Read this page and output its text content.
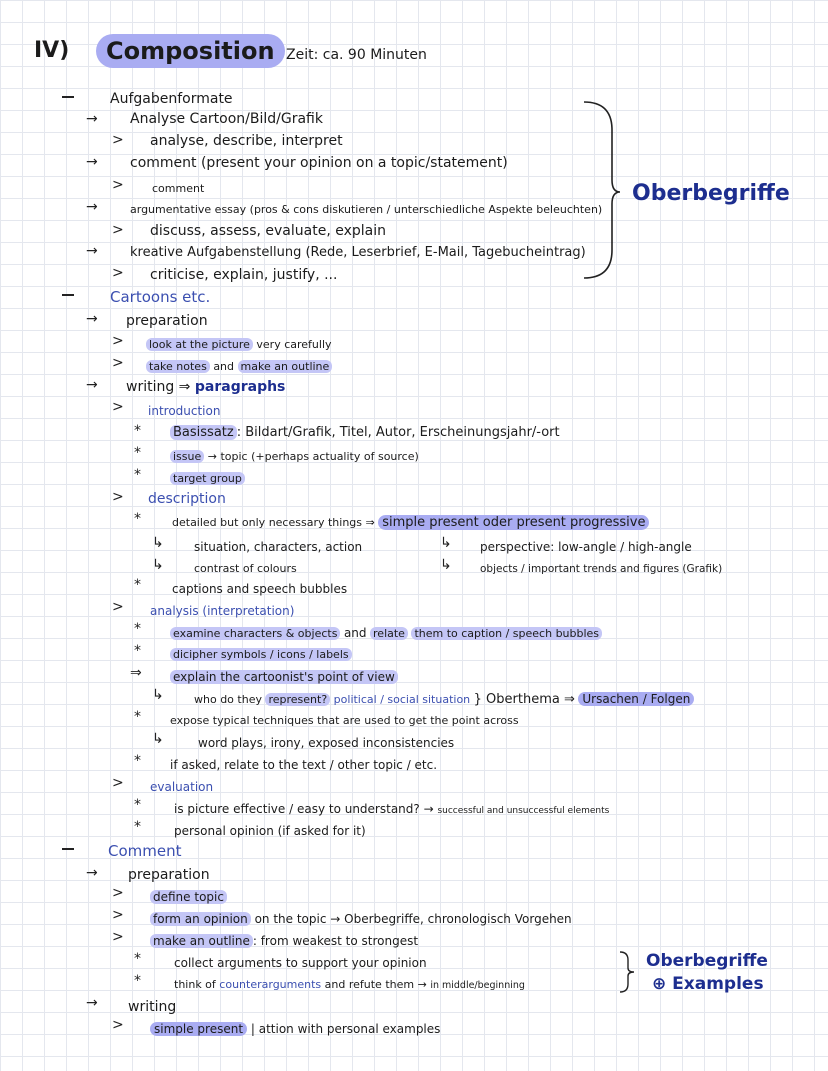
IV)	Composition Zeit: ca. 90 Minuten
Aufgabenformate
→ Analyse Cartoon/Bild/Grafik
> analyse, describe, interpret
→ comment (present your opinion on a topic/statement)
>	comment
→	argumentative essay (pros & cons diskutieren / unterschiedliche Aspekte beleuchten)
> discuss, assess, evaluate, explain
→ kreative Aufgabenstellung (Rede, Leserbrief, E-Mail, Tagebucheintrag)
> criticise, explain, justify, ...
Oberbegriffe
Cartoons etc.
→ preparation
> look at the picture very carefully
> take notes and make an outline
→ writing ⇒ paragraphs
> introduction
* Basissatz : Bildart/Grafik, Titel, Autor, Erscheinungsjahr/-ort
*	issue → topic (+perhaps actuality of source)
*	target group
> description
*	detailed but only necessary things ⇒ simple present oder present progressive
↳	situation, characters, action
↳	contrast of colours
↳ perspective: low-angle / high-angle
↳	objects / important trends and figures (Grafik)
*	captions and speech bubbles
> analysis (interpretation)
*	examine characters & objects and relate them to caption / speech bubbles
*	dicipher symbols / icons / labels
⇒	explain the cartoonist's point of view
↳	who do they represent? political / social situation } Oberthema ⇒ Ursachen / Folgen
*	expose typical techniques that are used to get the point across
↳	word plays, irony, exposed inconsistencies
* if asked, relate to the text / other topic / etc.
> evaluation
*	is picture effective / easy to understand? → successful and unsuccessful elements
*	personal opinion (if asked for it)
Comment
→ preparation
> define topic
> form an opinion on the topic → Oberbegriffe, chronologisch Vorgehen
> make an outline : from weakest to strongest
*	collect arguments to support your opinion
*	think of counterarguments and refute them → in middle/beginning
Oberbegriffe
⊕ Examples
→ writing
>	simple present | attion with personal examples
